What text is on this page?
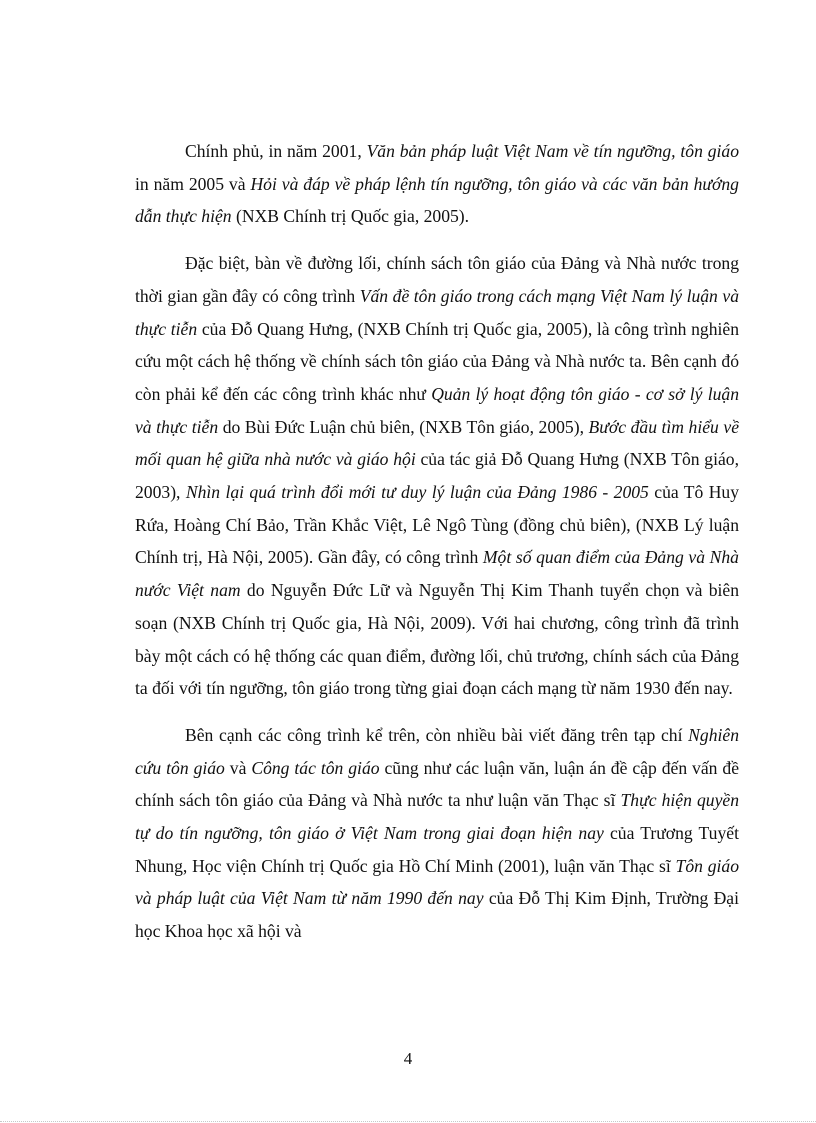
Chính phủ, in năm 2001, Văn bản pháp luật Việt Nam về tín ngưỡng, tôn giáo in năm 2005 và Hỏi và đáp về pháp lệnh tín ngưỡng, tôn giáo và các văn bản hướng dẫn thực hiện (NXB Chính trị Quốc gia, 2005).

Đặc biệt, bàn về đường lối, chính sách tôn giáo của Đảng và Nhà nước trong thời gian gần đây có công trình Vấn đề tôn giáo trong cách mạng Việt Nam lý luận và thực tiễn của Đỗ Quang Hưng, (NXB Chính trị Quốc gia, 2005), là công trình nghiên cứu một cách hệ thống về chính sách tôn giáo của Đảng và Nhà nước ta. Bên cạnh đó còn phải kể đến các công trình khác như Quản lý hoạt động tôn giáo - cơ sở lý luận và thực tiễn do Bùi Đức Luận chủ biên, (NXB Tôn giáo, 2005), Bước đầu tìm hiểu về mối quan hệ giữa nhà nước và giáo hội của tác giả Đỗ Quang Hưng (NXB Tôn giáo, 2003), Nhìn lại quá trình đổi mới tư duy lý luận của Đảng 1986 - 2005 của Tô Huy Rứa, Hoàng Chí Bảo, Trần Khắc Việt, Lê Ngô Tùng (đồng chủ biên), (NXB Lý luận Chính trị, Hà Nội, 2005). Gần đây, có công trình Một số quan điểm của Đảng và Nhà nước Việt nam do Nguyễn Đức Lữ và Nguyễn Thị Kim Thanh tuyển chọn và biên soạn (NXB Chính trị Quốc gia, Hà Nội, 2009). Với hai chương, công trình đã trình bày một cách có hệ thống các quan điểm, đường lối, chủ trương, chính sách của Đảng ta đối với tín ngưỡng, tôn giáo trong từng giai đoạn cách mạng từ năm 1930 đến nay.

Bên cạnh các công trình kể trên, còn nhiều bài viết đăng trên tạp chí Nghiên cứu tôn giáo và Công tác tôn giáo cũng như các luận văn, luận án đề cập đến vấn đề chính sách tôn giáo của Đảng và Nhà nước ta như luận văn Thạc sĩ Thực hiện quyền tự do tín ngưỡng, tôn giáo ở Việt Nam trong giai đoạn hiện nay của Trương Tuyết Nhung, Học viện Chính trị Quốc gia Hồ Chí Minh (2001), luận văn Thạc sĩ Tôn giáo và pháp luật của Việt Nam từ năm 1990 đến nay của Đỗ Thị Kim Định, Trường Đại học Khoa học xã hội và

4
